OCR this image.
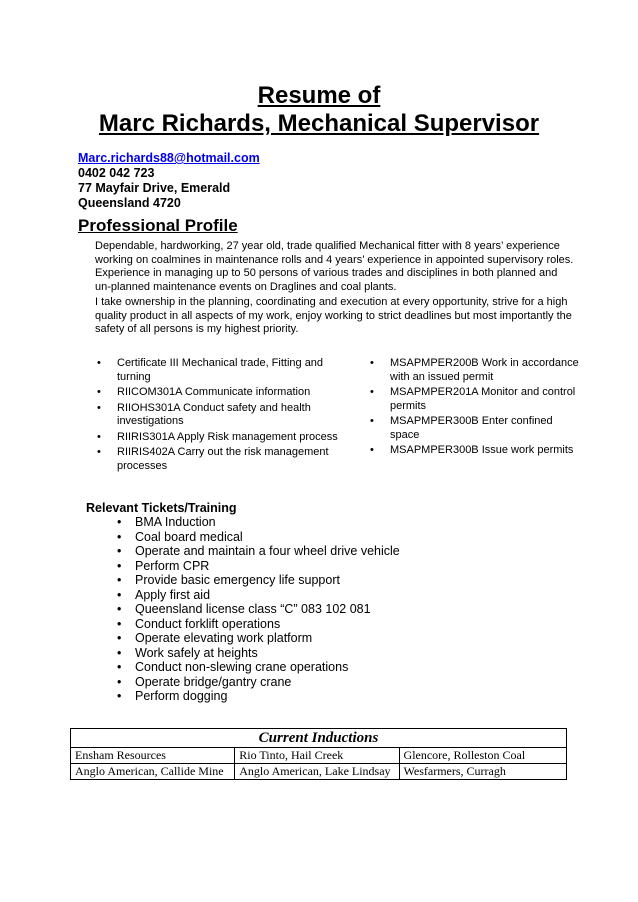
Resume of
Marc Richards, Mechanical Supervisor
Marc.richards88@hotmail.com
0402 042 723
77 Mayfair Drive, Emerald
Queensland 4720
Professional Profile
Dependable, hardworking, 27 year old, trade qualified Mechanical fitter with 8 years’ experience working on coalmines in maintenance rolls and 4 years’ experience in appointed supervisory roles. Experience in managing up to 50 persons of various trades and disciplines in both planned and un-planned maintenance events on Draglines and coal plants.
I take ownership in the planning, coordinating and execution at every opportunity, strive for a high quality product in all aspects of my work, enjoy working to strict deadlines but most importantly the safety of all persons is my highest priority.
• Certificate III Mechanical trade, Fitting and turning
• RIICOM301A Communicate information
• RIIOHS301A Conduct safety and health investigations
• RIIRIS301A Apply Risk management process
• RIIRIS402A Carry out the risk management processes
• MSAPMPER200B Work in accordance with an issued permit
• MSAPMPER201A Monitor and control permits
• MSAPMPER300B Enter confined space
• MSAPMPER300B Issue work permits
Relevant Tickets/Training
• BMA Induction
• Coal board medical
• Operate and maintain a four wheel drive vehicle
• Perform CPR
• Provide basic emergency life support
• Apply first aid
• Queensland license class “C” 083 102 081
• Conduct forklift operations
• Operate elevating work platform
• Work safely at heights
• Conduct non-slewing crane operations
• Operate bridge/gantry crane
• Perform dogging
Current Inductions		
Ensham Resources	Rio Tinto, Hail Creek	Glencore, Rolleston Coal
Anglo American, Callide Mine	Anglo American, Lake Lindsay	Wesfarmers, Curragh
